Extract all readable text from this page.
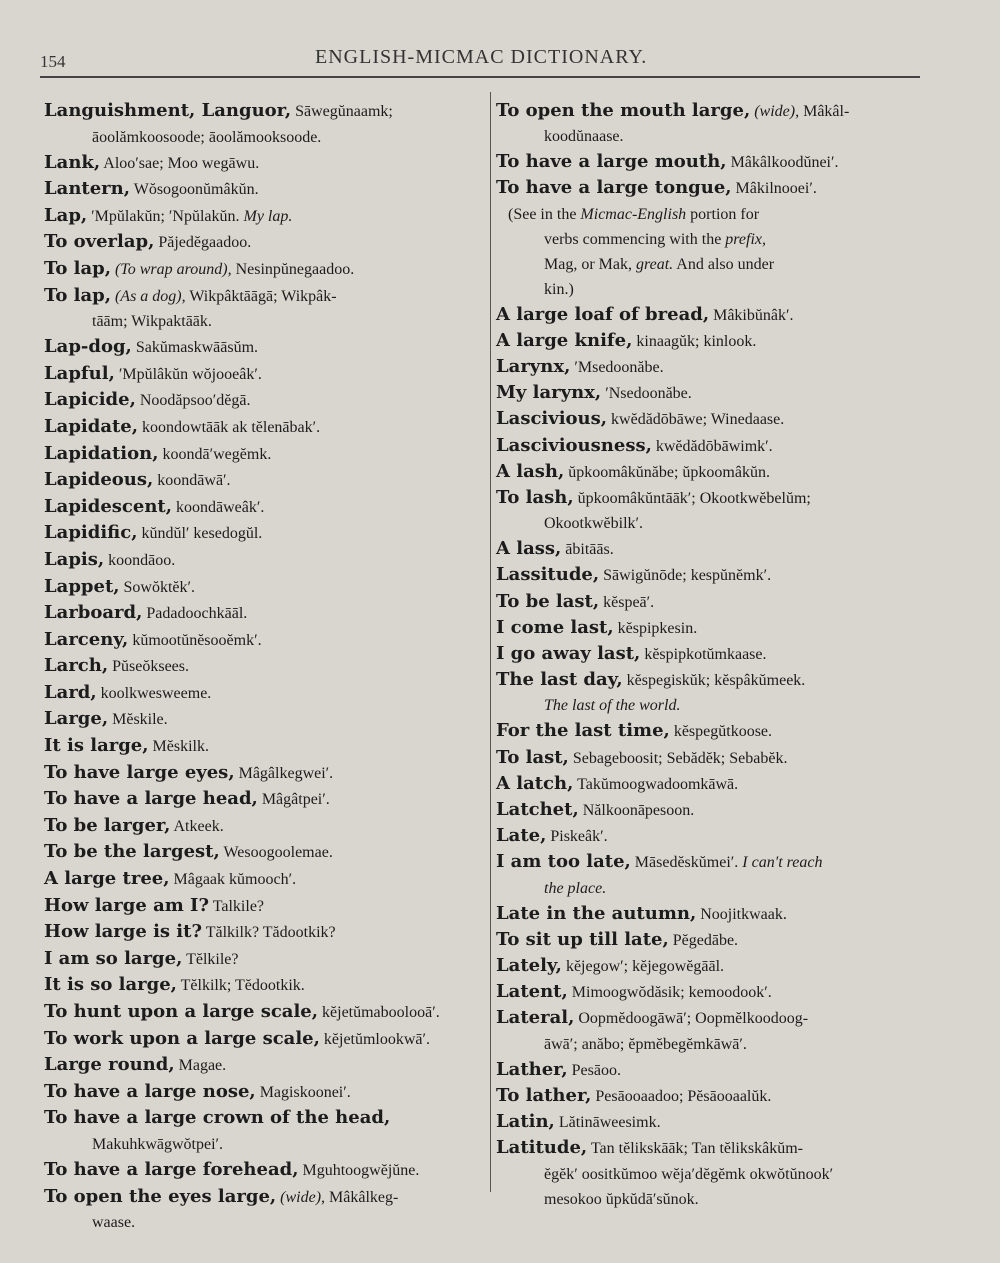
154	ENGLISH-MICMAC DICTIONARY.
Languishment, Languor, Sāwegŭnaamk;
āoolămkoosoode; āoolămooksoode.
Lank, Aloo′sae; Moo wegāwu.
Lantern, Wŏsogoonŭmâkŭn.
Lap, ′Mpŭlakŭn; ′Npŭlakŭn. My lap.
To overlap, Păjedĕgaadoo.
To lap, (To wrap around), Nesinpŭnegaadoo.
To lap, (As a dog), Wikpâktāāgā; Wikpâk-
tāām; Wikpaktāāk.
Lap-dog, Sakŭmaskwāāsŭm.
Lapful, ′Mpŭlâkŭn wŏjooeâk′.
Lapicide, Noodăpsoo′dĕgā.
Lapidate, koondowtāāk ak tĕlenābak′.
Lapidation, koondā′wegĕmk.
Lapideous, koondāwā′.
Lapidescent, koondāweâk′.
Lapidific, kŭndŭl′ kesedogŭl.
Lapis, koondāoo.
Lappet, Sowŏktĕk′.
Larboard, Padadoochkāāl.
Larceny, kŭmootŭnĕsooĕmk′.
Larch, Pŭseŏksees.
Lard, koolkwesweeme.
Large, Mĕskile.
It is large, Mĕskilk.
To have large eyes, Mâgâlkegwei′.
To have a large head, Mâgâtpei′.
To be larger, Atkeek.
To be the largest, Wesoogoolemae.
A large tree, Mâgaak kŭmooch′.
How large am I? Talkile?
How large is it? Tălkilk? Tădootkik?
I am so large, Tĕlkile?
It is so large, Tĕlkilk; Tĕdootkik.
To hunt upon a large scale, kĕjetŭmaboolooā′.
To work upon a large scale, kĕjetŭmlookwā′.
Large round, Magae.
To have a large nose, Magiskoonei′.
To have a large crown of the head,
Makuhkwāgwŏtpei′.
To have a large forehead, Mguhtoogwĕjŭne.
To open the eyes large, (wide), Mâkâlkeg-
waase.
To open the mouth large, (wide), Mâkâl-
koodŭnaase.
To have a large mouth, Mâkâlkoodŭnei′.
To have a large tongue, Mâkilnooei′.
(See in the Micmac-English portion for
verbs commencing with the prefix,
Mag, or Mak, great. And also under
kin.)
A large loaf of bread, Mâkibŭnâk′.
A large knife, kinaagŭk; kinlook.
Larynx, ′Msedoonăbe.
My larynx, ′Nsedoonăbe.
Lascivious, kwĕdădōbāwe; Winedaase.
Lasciviousness, kwĕdădōbāwimk′.
A lash, ŭpkoomâkŭnăbe; ŭpkoomâkŭn.
To lash, ŭpkoomâkŭntāāk′; Okootkwĕbelŭm;
Okootkwĕbilk′.
A lass, ābitāās.
Lassitude, Sāwigŭnōde; kespŭnĕmk′.
To be last, kĕspeā′.
I come last, kĕspipkesin.
I go away last, kĕspipkotŭmkaase.
The last day, kĕspegiskŭk; kĕspâkŭmeek.
The last of the world.
For the last time, kĕspegŭtkoose.
To last, Sebageboosit; Sebădĕk; Sebabĕk.
A latch, Takŭmoogwadoomkāwā.
Latchet, Nălkoonāpesoon.
Late, Piskeâk′.
I am too late, Māsedĕskŭmei′. I can′t reach
the place.
Late in the autumn, Noojitkwaak.
To sit up till late, Pĕgedābe.
Lately, kĕjegow′; kĕjegowĕgāāl.
Latent, Mimoogwŏdăsik; kemoodook′.
Lateral, Oopmĕdoogāwā′; Oopmĕlkoodoog-
āwā′; anăbo; ĕpmĕbegĕmkāwā′.
Lather, Pesāoo.
To lather, Pesāooaadoo; Pĕsāooaalŭk.
Latin, Lătināweesimk.
Latitude, Tan tĕlikskāāk; Tan tĕlikskâkŭm-
ĕgĕk′ oositkŭmoo wĕja′dĕgĕmk okwŏtŭnook′
mesokoo ŭpkŭdā′sŭnok.
